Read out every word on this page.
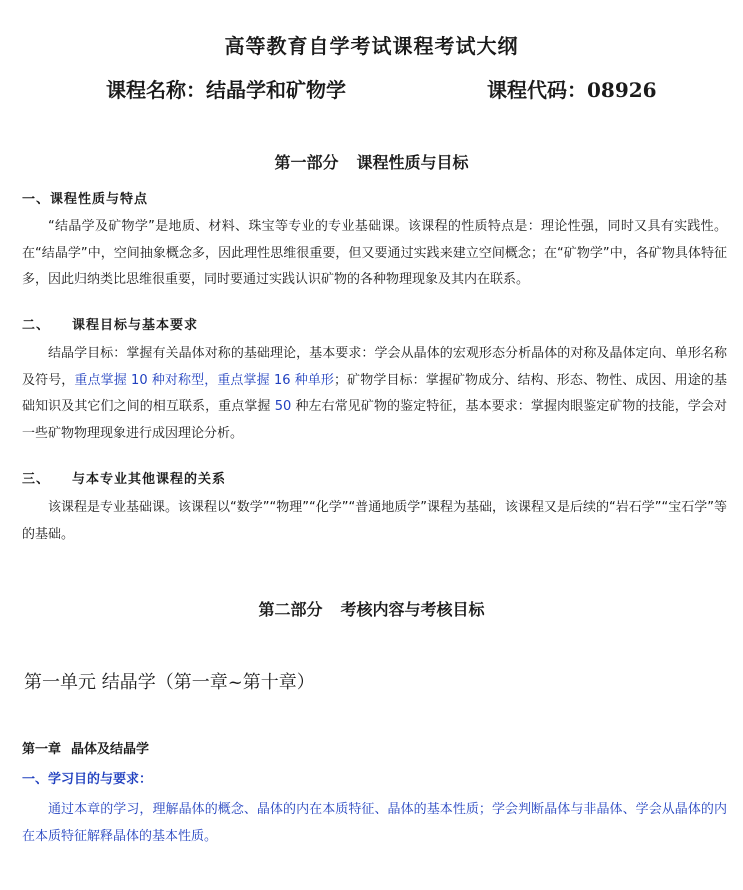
高等教育自学考试课程考试大纲
课程名称：结晶学和矿物学	课程代码：08926
第一部分 课程性质与目标
一、课程性质与特点

“结晶学及矿物学”是地质、材料、珠宝等专业的专业基础课。该课程的性质特点是：理论性强，同时又具有实践性。在“结晶学”中，空间抽象概念多，因此理性思维很重要，但又要通过实践来建立空间概念；在“矿物学”中，各矿物具体特征多，因此归纳类比思维很重要，同时要通过实践认识矿物的各种物理现象及其内在联系。

二、 课程目标与基本要求

结晶学目标：掌握有关晶体对称的基础理论，基本要求：学会从晶体的宏观形态分析晶体的对称及晶体定向、单形名称及符号，重点掌握 10 种对称型，重点掌握 16 种单形；矿物学目标：掌握矿物成分、结构、形态、物性、成因、用途的基础知识及其它们之间的相互联系，重点掌握 50 种左右常见矿物的鉴定特征，基本要求：掌握肉眼鉴定矿物的技能，学会对一些矿物物理现象进行成因理论分析。

三、 与本专业其他课程的关系

该课程是专业基础课。该课程以“数学”“物理”“化学”“普通地质学”课程为基础，该课程又是后续的“岩石学”“宝石学”等的基础。

第二部分 考核内容与考核目标
第一单元 结晶学（第一章~第十章）
第一章 晶体及结晶学
一、学习目的与要求：

通过本章的学习，理解晶体的概念、晶体的内在本质特征、晶体的基本性质；学会判断晶体与非晶体、学会从晶体的内在本质特征解释晶体的基本性质。
